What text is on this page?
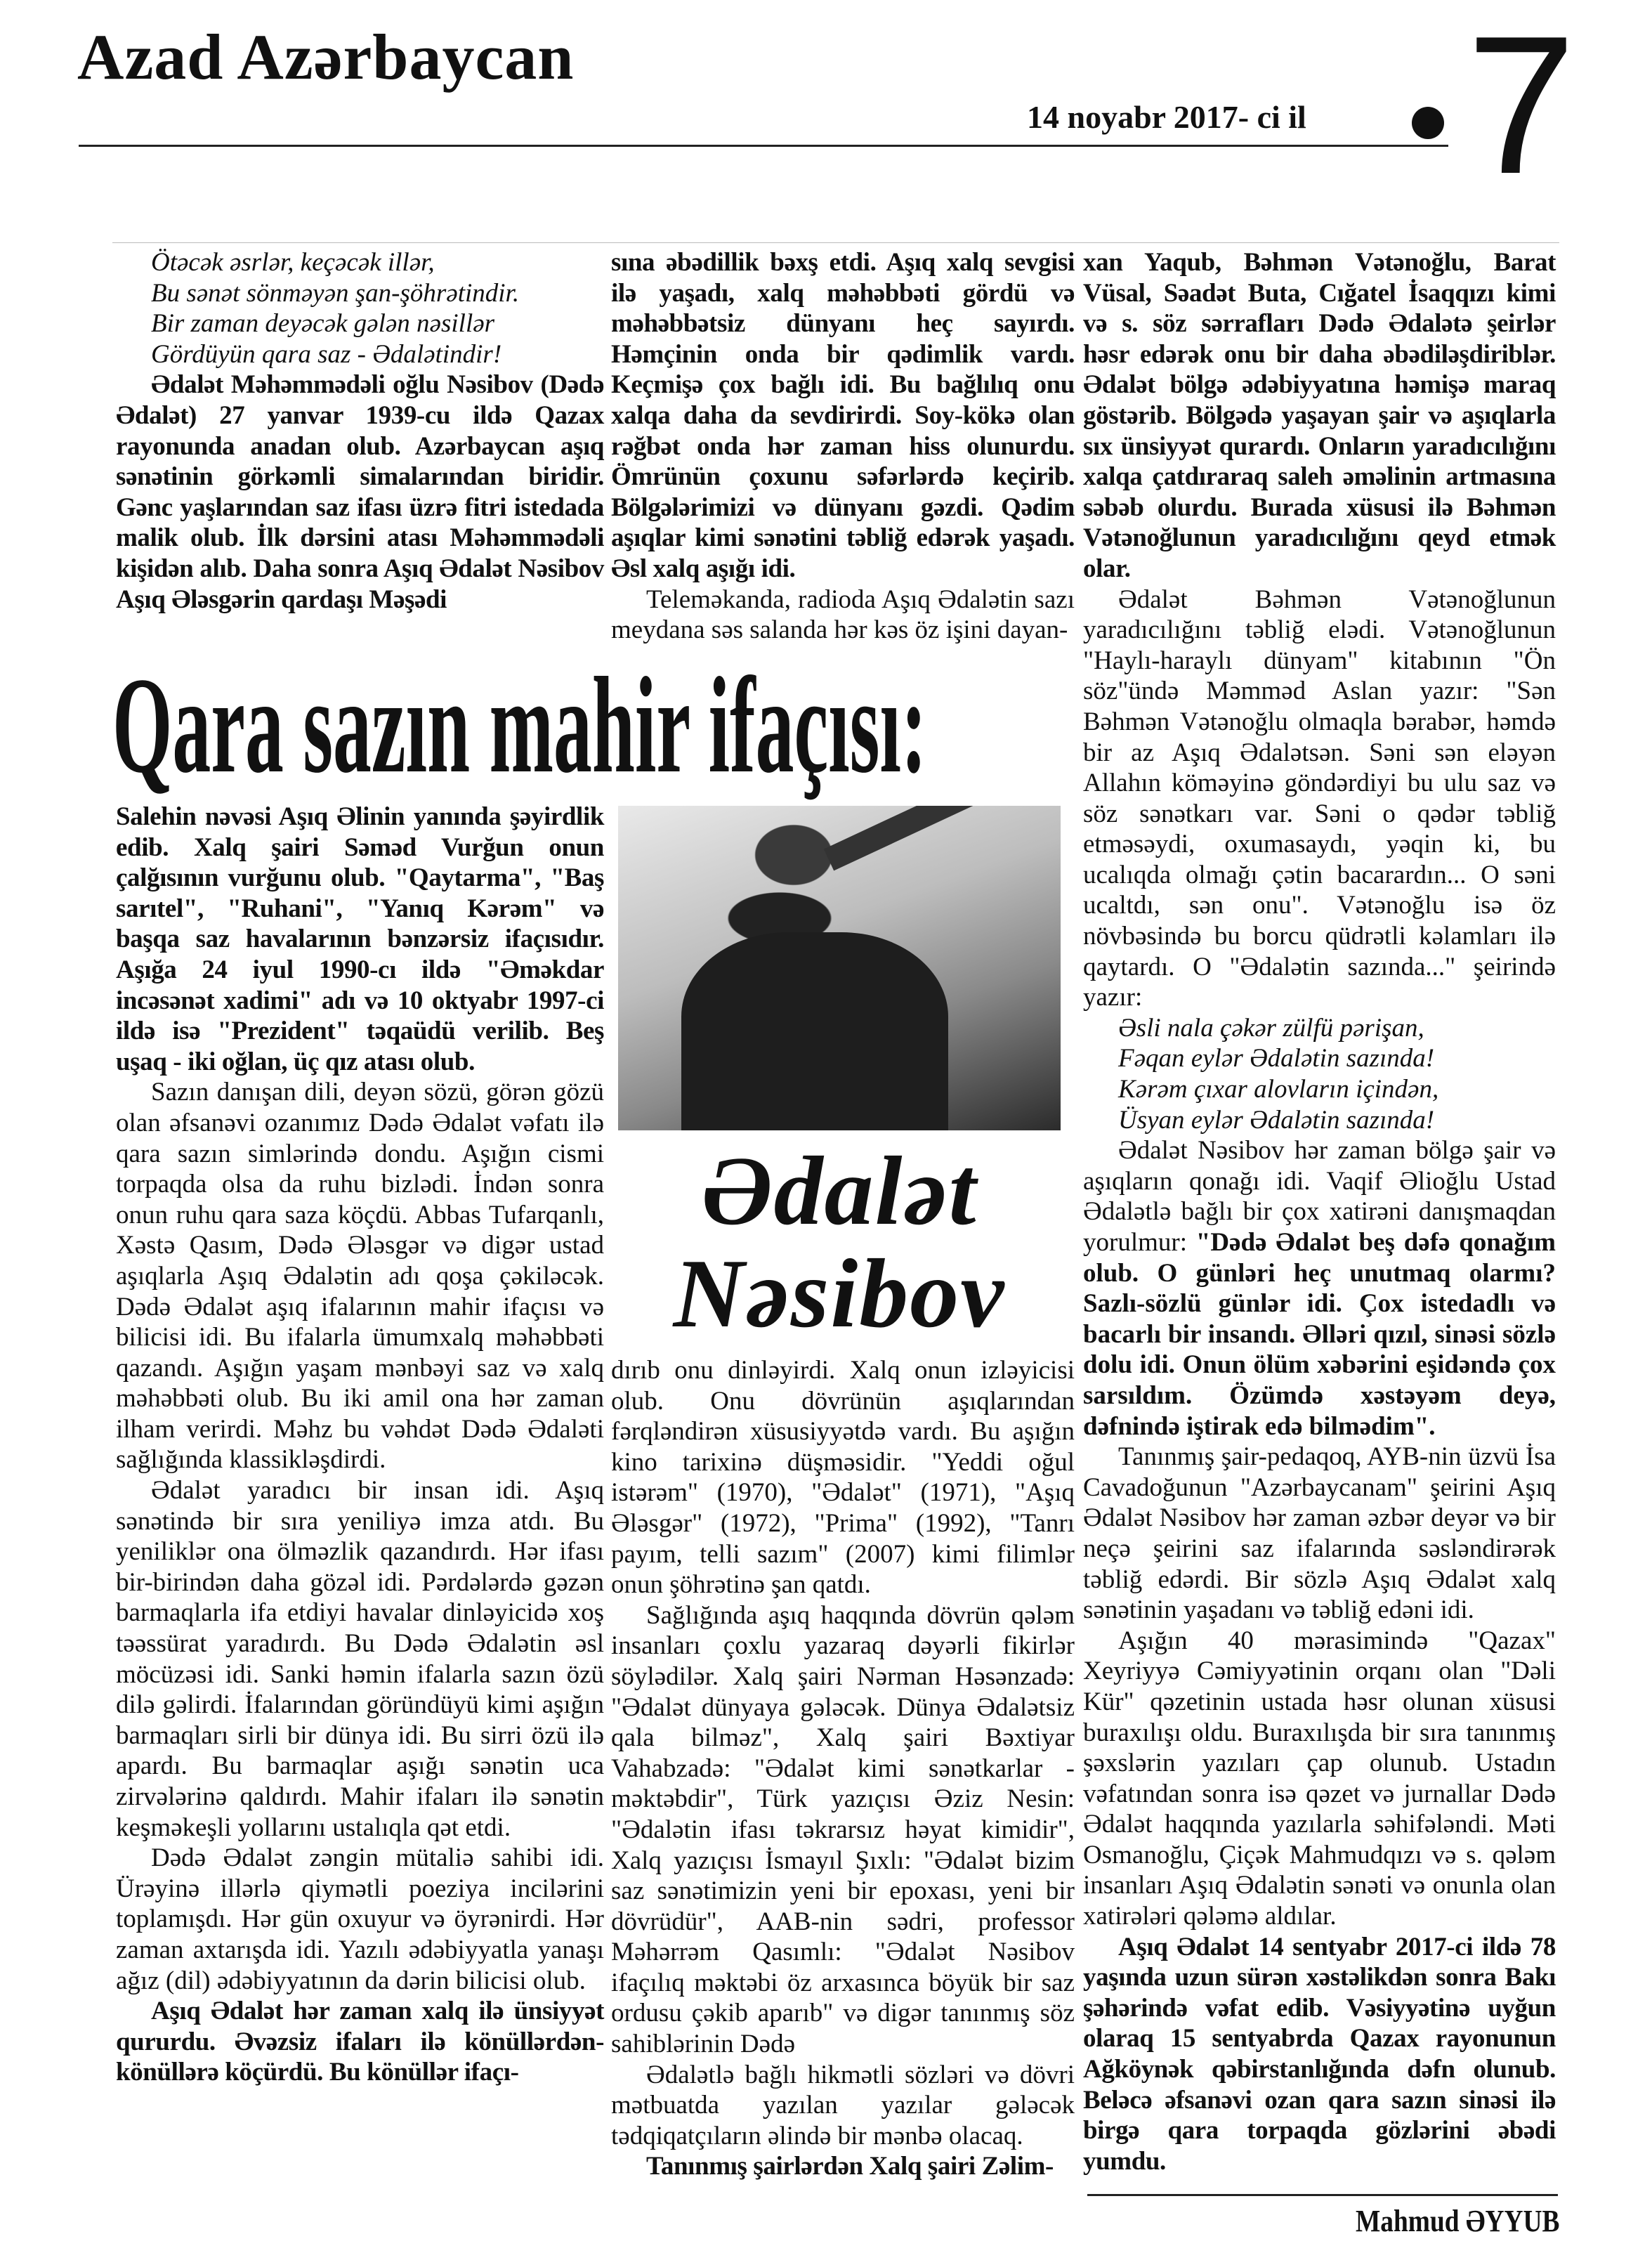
Azad Azərbaycan
14 noyabr 2017- ci il 7
Ötəcək əsrlər, keçəcək illər,
Bu sənət sönməyən şan-şöhrətindir.
Bir zaman deyəcək gələn nəsillər
Gördüyün qara saz - Ədalətindir!

Ədalət Məhəmmədəli oğlu Nəsibov (Dədə Ədalət) 27 yanvar 1939-cu ildə Qazax rayonunda anadan olub. Azərbaycan aşıq sənətinin görkəmli simalarından biridir. Gənc yaşlarından saz ifası üzrə fitri istedada malik olub. İlk dərsini atası Məhəmmədəli kişidən alıb. Daha sonra Aşıq Ədalət Nəsibov Aşıq Ələsgərin qardaşı Məşədi

sına əbədillik bəxş etdi. Aşıq xalq sevgisi ilə yaşadı, xalq məhəbbəti gördü və məhəbbətsiz dünyanı heç sayırdı. Həmçinin onda bir qədimlik vardı. Keçmişə çox bağlı idi. Bu bağlılıq onu xalqa daha da sevdirirdi. Soy-kökə olan rəğbət onda hər zaman hiss olunurdu. Ömrünün çoxunu səfərlərdə keçirib. Bölgələrimizi və dünyanı gəzdi. Qədim aşıqlar kimi sənətini təbliğ edərək yaşadı. Əsl xalq aşığı idi.

Teleməkanda, radioda Aşıq Ədalətin sazı meydana səs salanda hər kəs öz işini dayan-

Qara sazın mahir ifaçısı:
Ədalət
Nəsibov

Salehin nəvəsi Aşıq Əlinin yanında şəyirdlik edib. Xalq şairi Səməd Vurğun onun çalğısının vurğunu olub. "Qaytarma", "Baş sarıtel", "Ruhani", "Yanıq Kərəm" və başqa saz havalarının bənzərsiz ifaçısıdır. Aşığa 24 iyul 1990-cı ildə "Əməkdar incəsənət xadimi" adı və 10 oktyabr 1997-ci ildə isə "Prezident" təqaüdü verilib. Beş uşaq - iki oğlan, üç qız atası olub.

Sazın danışan dili, deyən sözü, görən gözü olan əfsanəvi ozanımız Dədə Ədalət vəfatı ilə qara sazın simlərində dondu. Aşığın cismi torpaqda olsa da ruhu bizlədi. İndən sonra onun ruhu qara saza köçdü. Abbas Tufarqanlı, Xəstə Qasım, Dədə Ələsgər və digər ustad aşıqlarla Aşıq Ədalətin adı qoşa çəkiləcək. Dədə Ədalət aşıq ifalarının mahir ifaçısı və bilicisi idi. Bu ifalarla ümumxalq məhəbbəti qazandı. Aşığın yaşam mənbəyi saz və xalq məhəbbəti olub. Bu iki amil ona hər zaman ilham verirdi. Məhz bu vəhdət Dədə Ədaləti sağlığında klassikləşdirdi.

Ədalət yaradıcı bir insan idi. Aşıq sənətində bir sıra yeniliyə imza atdı. Bu yeniliklər ona ölməzlik qazandırdı. Hər ifası bir-birindən daha gözəl idi. Pərdələrdə gəzən barmaqlarla ifa etdiyi havalar dinləyicidə xoş təəssürat yaradırdı. Bu Dədə Ədalətin əsl möcüzəsi idi. Sanki həmin ifalarla sazın özü dilə gəlirdi. İfalarından göründüyü kimi aşığın barmaqları sirli bir dünya idi. Bu sirri özü ilə apardı. Bu barmaqlar aşığı sənətin uca zirvələrinə qaldırdı. Mahir ifaları ilə sənətin keşməkeşli yollarını ustalıqla qət etdi.

Dədə Ədalət zəngin mütaliə sahibi idi. Ürəyinə illərlə qiymətli poeziya incilərini toplamışdı. Hər gün oxuyur və öyrənirdi. Hər zaman axtarışda idi. Yazılı ədəbiyyatla yanaşı ağız (dil) ədəbiyyatının da dərin bilicisi olub.

Aşıq Ədalət hər zaman xalq ilə ünsiyyət qururdu. Əvəzsiz ifaları ilə könüllərdən-könüllərə köçürdü. Bu könüllər ifaçı-

dırıb onu dinləyirdi. Xalq onun izləyicisi olub. Onu dövrünün aşıqlarından fərqləndirən xüsusiyyətdə vardı. Bu aşığın kino tarixinə düşməsidir. "Yeddi oğul istərəm" (1970), "Ədalət" (1971), "Aşıq Ələsgər" (1972), "Prima" (1992), "Tanrı payım, telli sazım" (2007) kimi filimlər onun şöhrətinə şan qatdı.

Sağlığında aşıq haqqında dövrün qələm insanları çoxlu yazaraq dəyərli fikirlər söylədilər. Xalq şairi Nərman Həsənzadə: "Ədalət dünyaya gələcək. Dünya Ədalətsiz qala bilməz", Xalq şairi Bəxtiyar Vahabzadə: "Ədalət kimi sənətkarlar - məktəbdir", Türk yazıçısı Əziz Nesin: "Ədalətin ifası təkrarsız həyat kimidir", Xalq yazıçısı İsmayıl Şıxlı: "Ədalət bizim saz sənətimizin yeni bir epoxası, yeni bir dövrüdür", AAB-nin sədri, professor Məhərrəm Qasımlı: "Ədalət Nəsibov ifaçılıq məktəbi öz arxasınca böyük bir saz ordusu çəkib aparıb" və digər tanınmış söz sahiblərinin Dədə

Ədalətlə bağlı hikmətli sözləri və dövri mətbuatda yazılan yazılar gələcək tədqiqatçıların əlində bir mənbə olacaq.

Tanınmış şairlərdən Xalq şairi Zəlim-

xan Yaqub, Bəhmən Vətənoğlu, Barat Vüsal, Səadət Buta, Cığatel İsaqqızı kimi və s. söz sərrafları Dədə Ədalətə şeirlər həsr edərək onu bir daha əbədiləşdiriblər. Ədalət bölgə ədəbiyyatına həmişə maraq göstərib. Bölgədə yaşayan şair və aşıqlarla sıx ünsiyyət qurardı. Onların yaradıcılığını xalqa çatdıraraq saleh əməlinin artmasına səbəb olurdu. Burada xüsusi ilə Bəhmən Vətənoğlunun yaradıcılığını qeyd etmək olar.

Ədalət Bəhmən Vətənoğlunun yaradıcılığını təbliğ elədi. Vətənoğlunun "Haylı-haraylı dünyam" kitabının "Ön söz"ündə Məmməd Aslan yazır: "Sən Bəhmən Vətənoğlu olmaqla bərabər, həmdə bir az Aşıq Ədalətsən. Səni sən eləyən Allahın köməyinə göndərdiyi bu ulu saz və söz sənətkarı var. Səni o qədər təbliğ etməsəydi, oxumasaydı, yəqin ki, bu ucalıqda olmağı çətin bacarardın... O səni ucaltdı, sən onu". Vətənoğlu isə öz növbəsində bu borcu qüdrətli kəlamları ilə qaytardı. O "Ədalətin sazında..." şeirində yazır:

Əsli nala çəkər zülfü pərişan,
Fəqan eylər Ədalətin sazında!
Kərəm çıxar alovların içindən,
Üsyan eylər Ədalətin sazında!

Ədalət Nəsibov hər zaman bölgə şair və aşıqların qonağı idi. Vaqif Əlioğlu Ustad Ədalətlə bağlı bir çox xatirəni danışmaqdan yorulmur: "Dədə Ədalət beş dəfə qonağım olub. O günləri heç unutmaq olarmı? Sazlı-sözlü günlər idi. Çox istedadlı və bacarlı bir insandı. Əlləri qızıl, sinəsi sözlə dolu idi. Onun ölüm xəbərini eşidəndə çox sarsıldım. Özümdə xəstəyəm deyə, dəfnində iştirak edə bilmədim".

Tanınmış şair-pedaqoq, AYB-nin üzvü İsa Cavadoğunun "Azərbaycanam" şeirini Aşıq Ədalət Nəsibov hər zaman əzbər deyər və bir neçə şeirini saz ifalarında səsləndirərək təbliğ edərdi. Bir sözlə Aşıq Ədalət xalq sənətinin yaşadanı və təbliğ edəni idi.

Aşığın 40 mərasimində "Qazax" Xeyriyyə Cəmiyyətinin orqanı olan "Dəli Kür" qəzetinin ustada həsr olunan xüsusi buraxılışı oldu. Buraxılışda bir sıra tanınmış şəxslərin yazıları çap olunub. Ustadın vəfatından sonra isə qəzet və jurnallar Dədə Ədalət haqqında yazılarla səhifələndi. Məti Osmanoğlu, Çiçək Mahmudqızı və s. qələm insanları Aşıq Ədalətin sənəti və onunla olan xatirələri qələmə aldılar.

Aşıq Ədalət 14 sentyabr 2017-ci ildə 78 yaşında uzun sürən xəstəlikdən sonra Bakı şəhərində vəfat edib. Vəsiyyətinə uyğun olaraq 15 sentyabrda Qazax rayonunun Ağköynək qəbirstanlığında dəfn olunub. Beləcə əfsanəvi ozan qara sazın sinəsi ilə birgə qara torpaqda gözlərini əbədi yumdu.

Mahmud ƏYYUB
